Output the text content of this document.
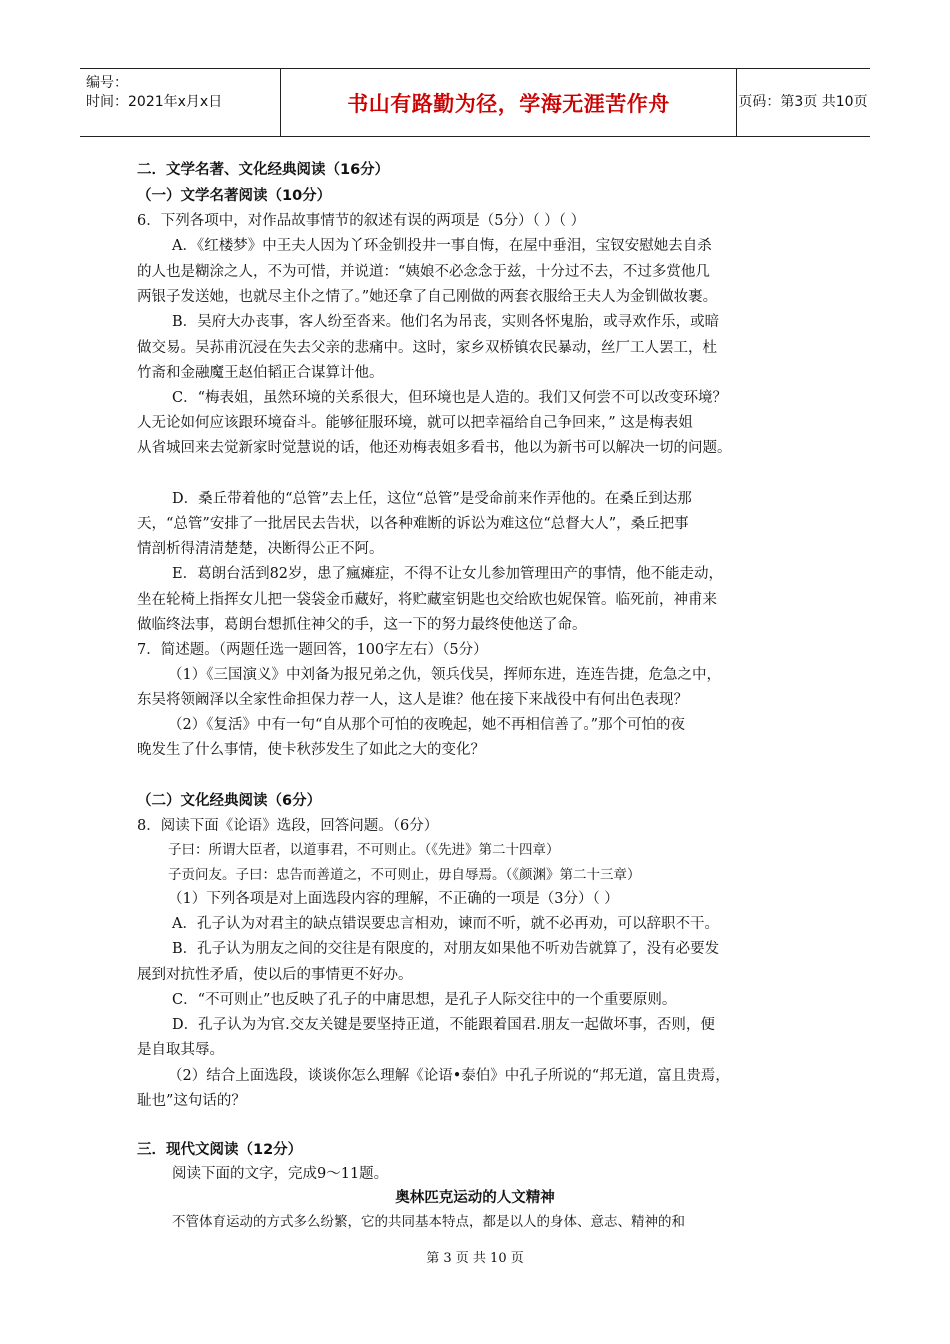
编号：
时间：2021年x月x日	书山有路勤为径，学海无涯苦作舟	页码：第3页 共10页
二．文学名著、文化经典阅读（16分）
（一）文学名著阅读（10分）
6．下列各项中，对作品故事情节的叙述有误的两项是（5分）（ ）（ ）
A．《红楼梦》中王夫人因为丫环金钏投井一事自悔，在屋中垂泪，宝钗安慰她去自杀
的人也是糊涂之人，不为可惜，并说道：“姨娘不必念念于兹，十分过不去，不过多赏他几
两银子发送她，也就尽主仆之情了。”她还拿了自己刚做的两套衣服给王夫人为金钏做妆裹。
B．吴府大办丧事，客人纷至沓来。他们名为吊丧，实则各怀鬼胎，或寻欢作乐，或暗
做交易。吴荪甫沉浸在失去父亲的悲痛中。这时，家乡双桥镇农民暴动，丝厂工人罢工，杜
竹斋和金融魔王赵伯韬正合谋算计他。
C．“梅表姐，虽然环境的关系很大，但环境也是人造的。我们又何尝不可以改变环境？
人无论如何应该跟环境奋斗。能够征服环境，就可以把幸福给自己争回来，” 这是梅表姐
从省城回来去觉新家时觉慧说的话，他还劝梅表姐多看书，他以为新书可以解决一切的问题。
D．桑丘带着他的“总管”去上任，这位“总管”是受命前来作弄他的。在桑丘到达那
天，“总管”安排了一批居民去告状，以各种难断的诉讼为难这位“总督大人”，桑丘把事
情剖析得清清楚楚，决断得公正不阿。
E．葛朗台活到82岁，患了瘋瘫症，不得不让女儿参加管理田产的事情，他不能走动，
坐在轮椅上指挥女儿把一袋袋金币藏好，将贮藏室钥匙也交给欧也妮保管。临死前，神甫来
做临终法事，葛朗台想抓住神父的手，这一下的努力最终使他送了命。
7．简述题。（两题任选一题回答，100字左右）（5分）
（1）《三国演义》中刘备为报兄弟之仇，领兵伐吴，挥师东进，连连告捷，危急之中，
东吴将领阚泽以全家性命担保力荐一人，这人是谁？他在接下来战役中有何出色表现？
（2）《复活》中有一句“自从那个可怕的夜晚起，她不再相信善了。”那个可怕的夜
晚发生了什么事情，使卡秋莎发生了如此之大的变化？
（二）文化经典阅读（6分）
8．阅读下面《论语》选段，回答问题。（6分）
子曰：所谓大臣者，以道事君，不可则止。（《先进》第二十四章）
子贡问友。子曰：忠告而善道之，不可则止，毋自辱焉。（《颜渊》第二十三章）
（1）下列各项是对上面选段内容的理解，不正确的一项是（3分）（ ）
A．孔子认为对君主的缺点错误要忠言相劝，谏而不听，就不必再劝，可以辞职不干。
B．孔子认为朋友之间的交往是有限度的，对朋友如果他不听劝告就算了，没有必要发
展到对抗性矛盾，使以后的事情更不好办。
C．“不可则止”也反映了孔子的中庸思想，是孔子人际交往中的一个重要原则。
D．孔子认为为官.交友关键是要坚持正道，不能跟着国君.朋友一起做坏事，否则，便
是自取其辱。
（2）结合上面选段，谈谈你怎么理解《论语•泰伯》中孔子所说的“邦无道，富且贵焉，
耻也”这句话的？
三．现代文阅读（12分）
阅读下面的文字，完成9～11题。
奥林匹克运动的人文精神
不管体育运动的方式多么纷繁，它的共同基本特点，都是以人的身体、意志、精神的和
第 3 页 共 10 页
